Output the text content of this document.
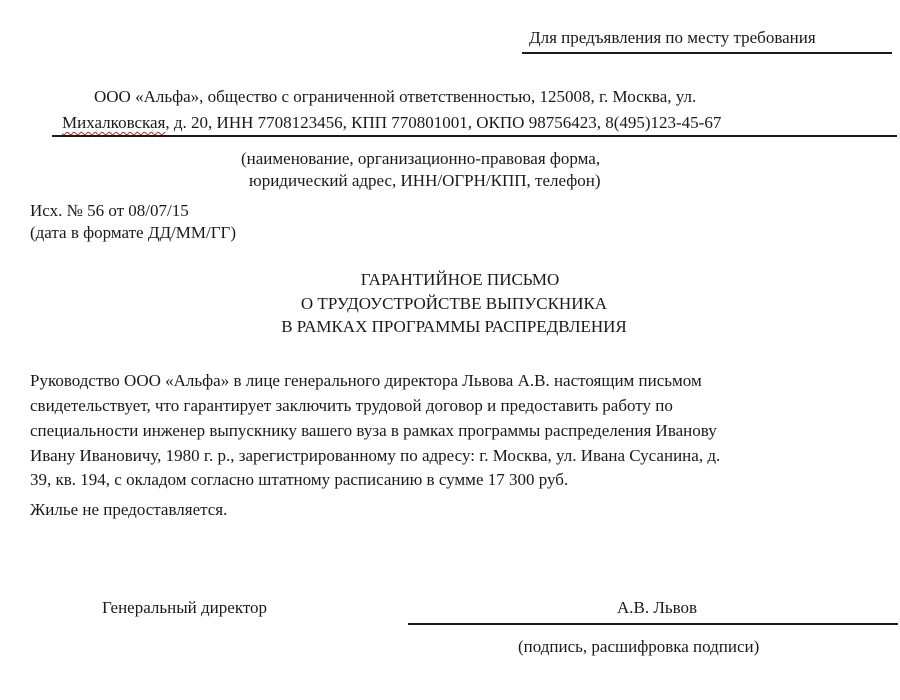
Для предъявления по месту требования
ООО «Альфа», общество с ограниченной ответственностью, 125008, г. Москва, ул.
Михалковская, д. 20, ИНН 7708123456, КПП 770801001, ОКПО 98756423, 8(495)123-45-67
(наименование, организационно-правовая форма,
юридический адрес, ИНН/ОГРН/КПП, телефон)
Исх. № 56 от 08/07/15
(дата в формате ДД/ММ/ГГ)
ГАРАНТИЙНОЕ ПИСЬМО
О ТРУДОУСТРОЙСТВЕ ВЫПУСКНИКА
В РАМКАХ ПРОГРАММЫ РАСПРЕДВЛЕНИЯ
Руководство ООО «Альфа» в лице генерального директора Львова А.В. настоящим письмом
свидетельствует, что гарантирует заключить трудовой договор и предоставить работу по
специальности инженер выпускнику вашего вуза в рамках программы распределения Иванову
Ивану Ивановичу, 1980 г. р., зарегистрированному по адресу: г. Москва, ул. Ивана Сусанина, д.
39, кв. 194, с окладом согласно штатному расписанию в сумме 17 300 руб.
Жилье не предоставляется.
Генеральный директор	А.В. Львов
(подпись, расшифровка подписи)
